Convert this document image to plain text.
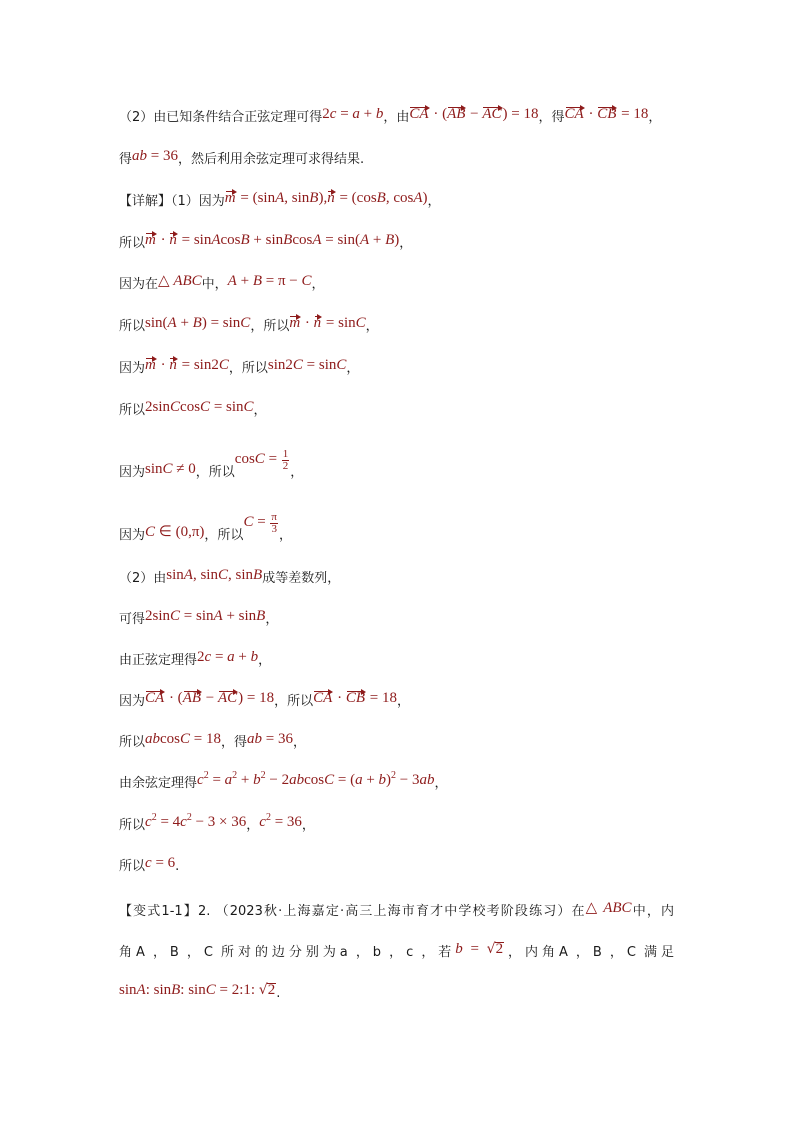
（2）由已知条件结合正弦定理可得2c = a + b，由CA · (AB − AC) = 18，得CA · CB = 18，
得ab = 36，然后利用余弦定理可求得结果.
【详解】（1）因为m = (sinA, sinB),n = (cosB, cosA)，
所以m · n = sinAcosB + sinBcosA = sin(A + B)，
因为在△ ABC中，A + B = π − C，
所以sin(A + B) = sinC，所以m · n = sinC，
因为m · n = sin2C，所以sin2C = sinC，
所以2sinCcosC = sinC，
因为sinC ≠ 0，所以$\cos C = \frac{1}{2}$
，
因为C ∈ (0,π)，所以$C = \frac{\pi}{3}$
，
（2）由sinA, sinC, sinB成等差数列，
可得2sinC = sinA + sinB，
由正弦定理得2c = a + b，
因为CA · (AB − AC) = 18，所以CA · CB = 18，
所以abcosC = 18，得ab = 36，
由余弦定理得$c^2 = a^2 + b^2 - 2abcosC = (a + b)^2 - 3ab$，
所以$c^2 = 4c^2 - 3 \times 36$，$c^2 = 36$，
所以c = 6.
【变式1-1】2. （2023秋·上海嘉定·高三上海市育才中学校考阶段练习）在△ ABC中，内
角A ，B ，C 所对的边分别为a ，b ，c ，若b = √2，内角A ，B ，C 满足
sinA: sinB: sinC = 2:1: √2.
